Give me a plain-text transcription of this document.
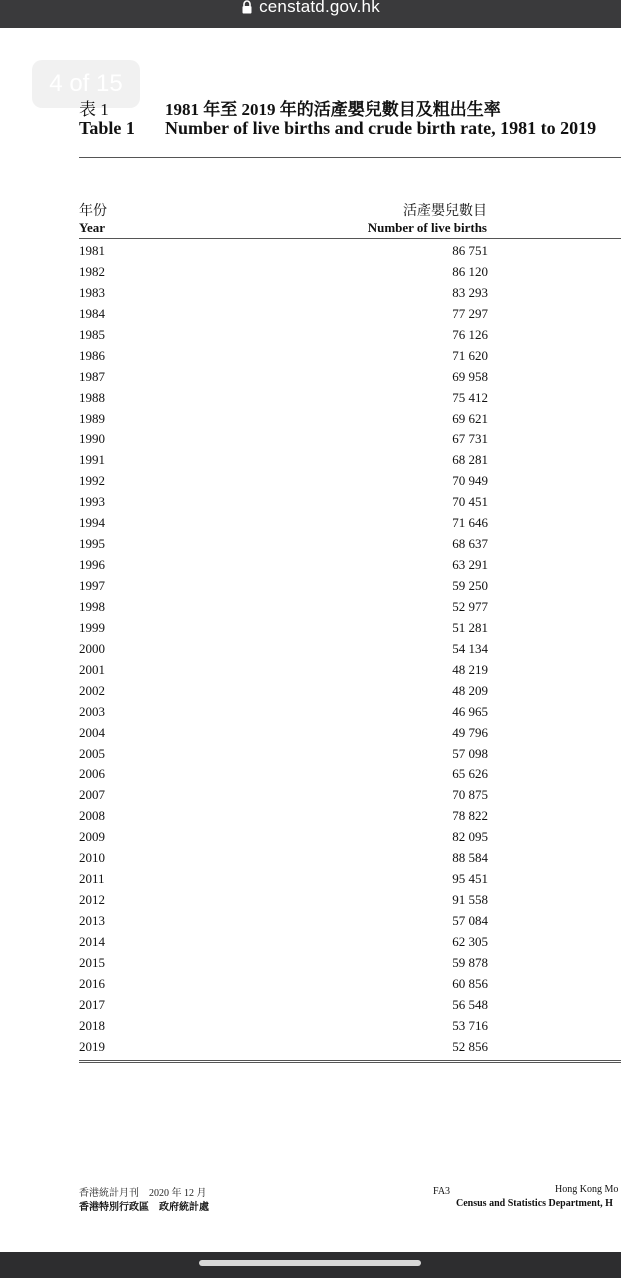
censtatd.gov.hk
4 of 15
表 1	1981 年至 2019 年的活產嬰兒數目及粗出生率
Table 1 Number of live births and crude birth rate, 1981 to 2019
年份
Year
活產嬰兒數目
Number of live births
1981	86 751
1982	86 120
1983	83 293
1984	77 297
1985	76 126
1986	71 620
1987	69 958
1988	75 412
1989	69 621
1990	67 731
1991	68 281
1992	70 949
1993	70 451
1994	71 646
1995	68 637
1996	63 291
1997	59 250
1998	52 977
1999	51 281
2000	54 134
2001	48 219
2002	48 209
2003	46 965
2004	49 796
2005	57 098
2006	65 626
2007	70 875
2008	78 822
2009	82 095
2010	88 584
2011	95 451
2012	91 558
2013	57 084
2014	62 305
2015	59 878
2016	60 856
2017	56 548
2018	53 716
2019	52 856
香港統計月刊　2020 年 12 月
香港特別行政區　政府統計處
FA3	Hong Kong Mo
Census and Statistics Department, H
